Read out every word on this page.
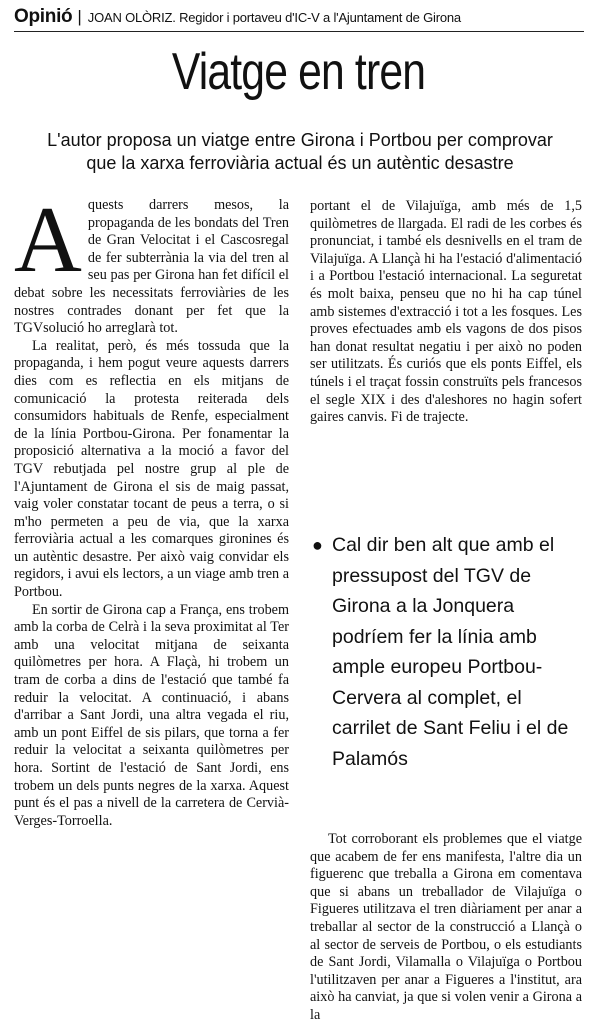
Opinió | JOAN OLÒRIZ. Regidor i portaveu d'IC-V a l'Ajuntament de Girona
Viatge en tren
L'autor proposa un viatge entre Girona i Portbou per comprovar que la xarxa ferroviària actual és un autèntic desastre
A quests darrers mesos, la propaganda de les bondats del Tren de Gran Velocitat i el Cascosregal de fer subterrània la via del tren al seu pas per Girona han fet difícil el debat sobre les necessitats ferroviàries de les nostres contrades donant per fet que la TGVsolució ho arreglarà tot.

La realitat, però, és més tossuda que la propaganda, i hem pogut veure aquests darrers dies com es reflectia en els mitjans de comunicació la protesta reiterada dels consumidors habituals de Renfe, especialment de la línia Portbou-Girona. Per fonamentar la proposició alternativa a la moció a favor del TGV rebutjada pel nostre grup al ple de l'Ajuntament de Girona el sis de maig passat, vaig voler constatar tocant de peus a terra, o si m'ho permeten a peu de via, que la xarxa ferroviària actual a les comarques gironines és un autèntic desastre. Per això vaig convidar els regidors, i avui els lectors, a un viage amb tren a Portbou.

En sortir de Girona cap a França, ens trobem amb la corba de Celrà i la seva proximitat al Ter amb una velocitat mitjana de seixanta quilòmetres per hora. A Flaçà, hi trobem un tram de corba a dins de l'estació que també fa reduir la velocitat. A continuació, i abans d'arribar a Sant Jordi, una altra vegada el riu, amb un pont Eiffel de sis pilars, que torna a fer reduir la velocitat a seixanta quilòmetres per hora. Sortint de l'estació de Sant Jordi, ens trobem un dels punts negres de la xarxa. Aquest punt és el pas a nivell de la carretera de Cervià-Verges-Torroella.

portant el de Vilajuïga, amb més de 1,5 quilòmetres de llargada. El radi de les corbes és pronunciat, i també els desnivells en el tram de Vilajuïga. A Llançà hi ha l'estació d'alimentació i a Portbou l'estació internacional. La seguretat és molt baixa, penseu que no hi ha cap túnel amb sistemes d'extracció i tot a les fosques. Les proves efectuades amb els vagons de dos pisos han donat resultat negatiu i per això no poden ser utilitzats. És curiós que els ponts Eiffel, els túnels i el traçat fossin construïts pels francesos el segle XIX i des d'aleshores no hagin sofert gaires canvis. Fi de trajecte.

● Cal dir ben alt que amb el pressupost del TGV de Girona a la Jonquera podríem fer la línia amb ample europeu Portbou-Cervera al complet, el carrilet de Sant Feliu i el de Palamós

Tot corroborant els problemes que el viatge que acabem de fer ens manifesta, l'altre dia un figuerenc que treballa a Girona em comentava que si abans un treballador de Vilajuïga o Figueres utilitzava el tren diàriament per anar a treballar al sector de la construcció a Llançà o al sector de serveis de Portbou, o els estudiants de Sant Jordi, Vilamalla o Vilajuïga o Portbou l'utilitzaven per anar a Figueres a l'institut, ara això ha canviat, ja que si volen venir a Girona a la
